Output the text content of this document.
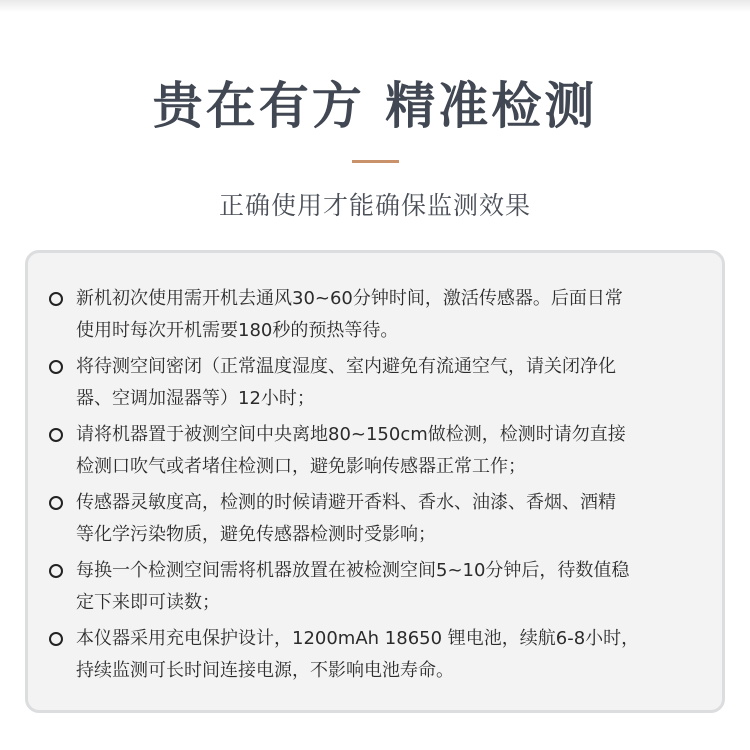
贵在有方 精准检测
正确使用才能确保监测效果
新机初次使用需开机去通风30~60分钟时间，激活传感器。后面日常
使用时每次开机需要180秒的预热等待。
将待测空间密闭（正常温度湿度、室内避免有流通空气，请关闭净化
器、空调加湿器等）12小时；
请将机器置于被测空间中央离地80~150cm做检测，检测时请勿直接
检测口吹气或者堵住检测口，避免影响传感器正常工作；
传感器灵敏度高，检测的时候请避开香料、香水、油漆、香烟、酒精
等化学污染物质，避免传感器检测时受影响；
每换一个检测空间需将机器放置在被检测空间5~10分钟后，待数值稳
定下来即可读数；
本仪器采用充电保护设计，1200mAh 18650 锂电池，续航6-8小时，
持续监测可长时间连接电源，不影响电池寿命。
